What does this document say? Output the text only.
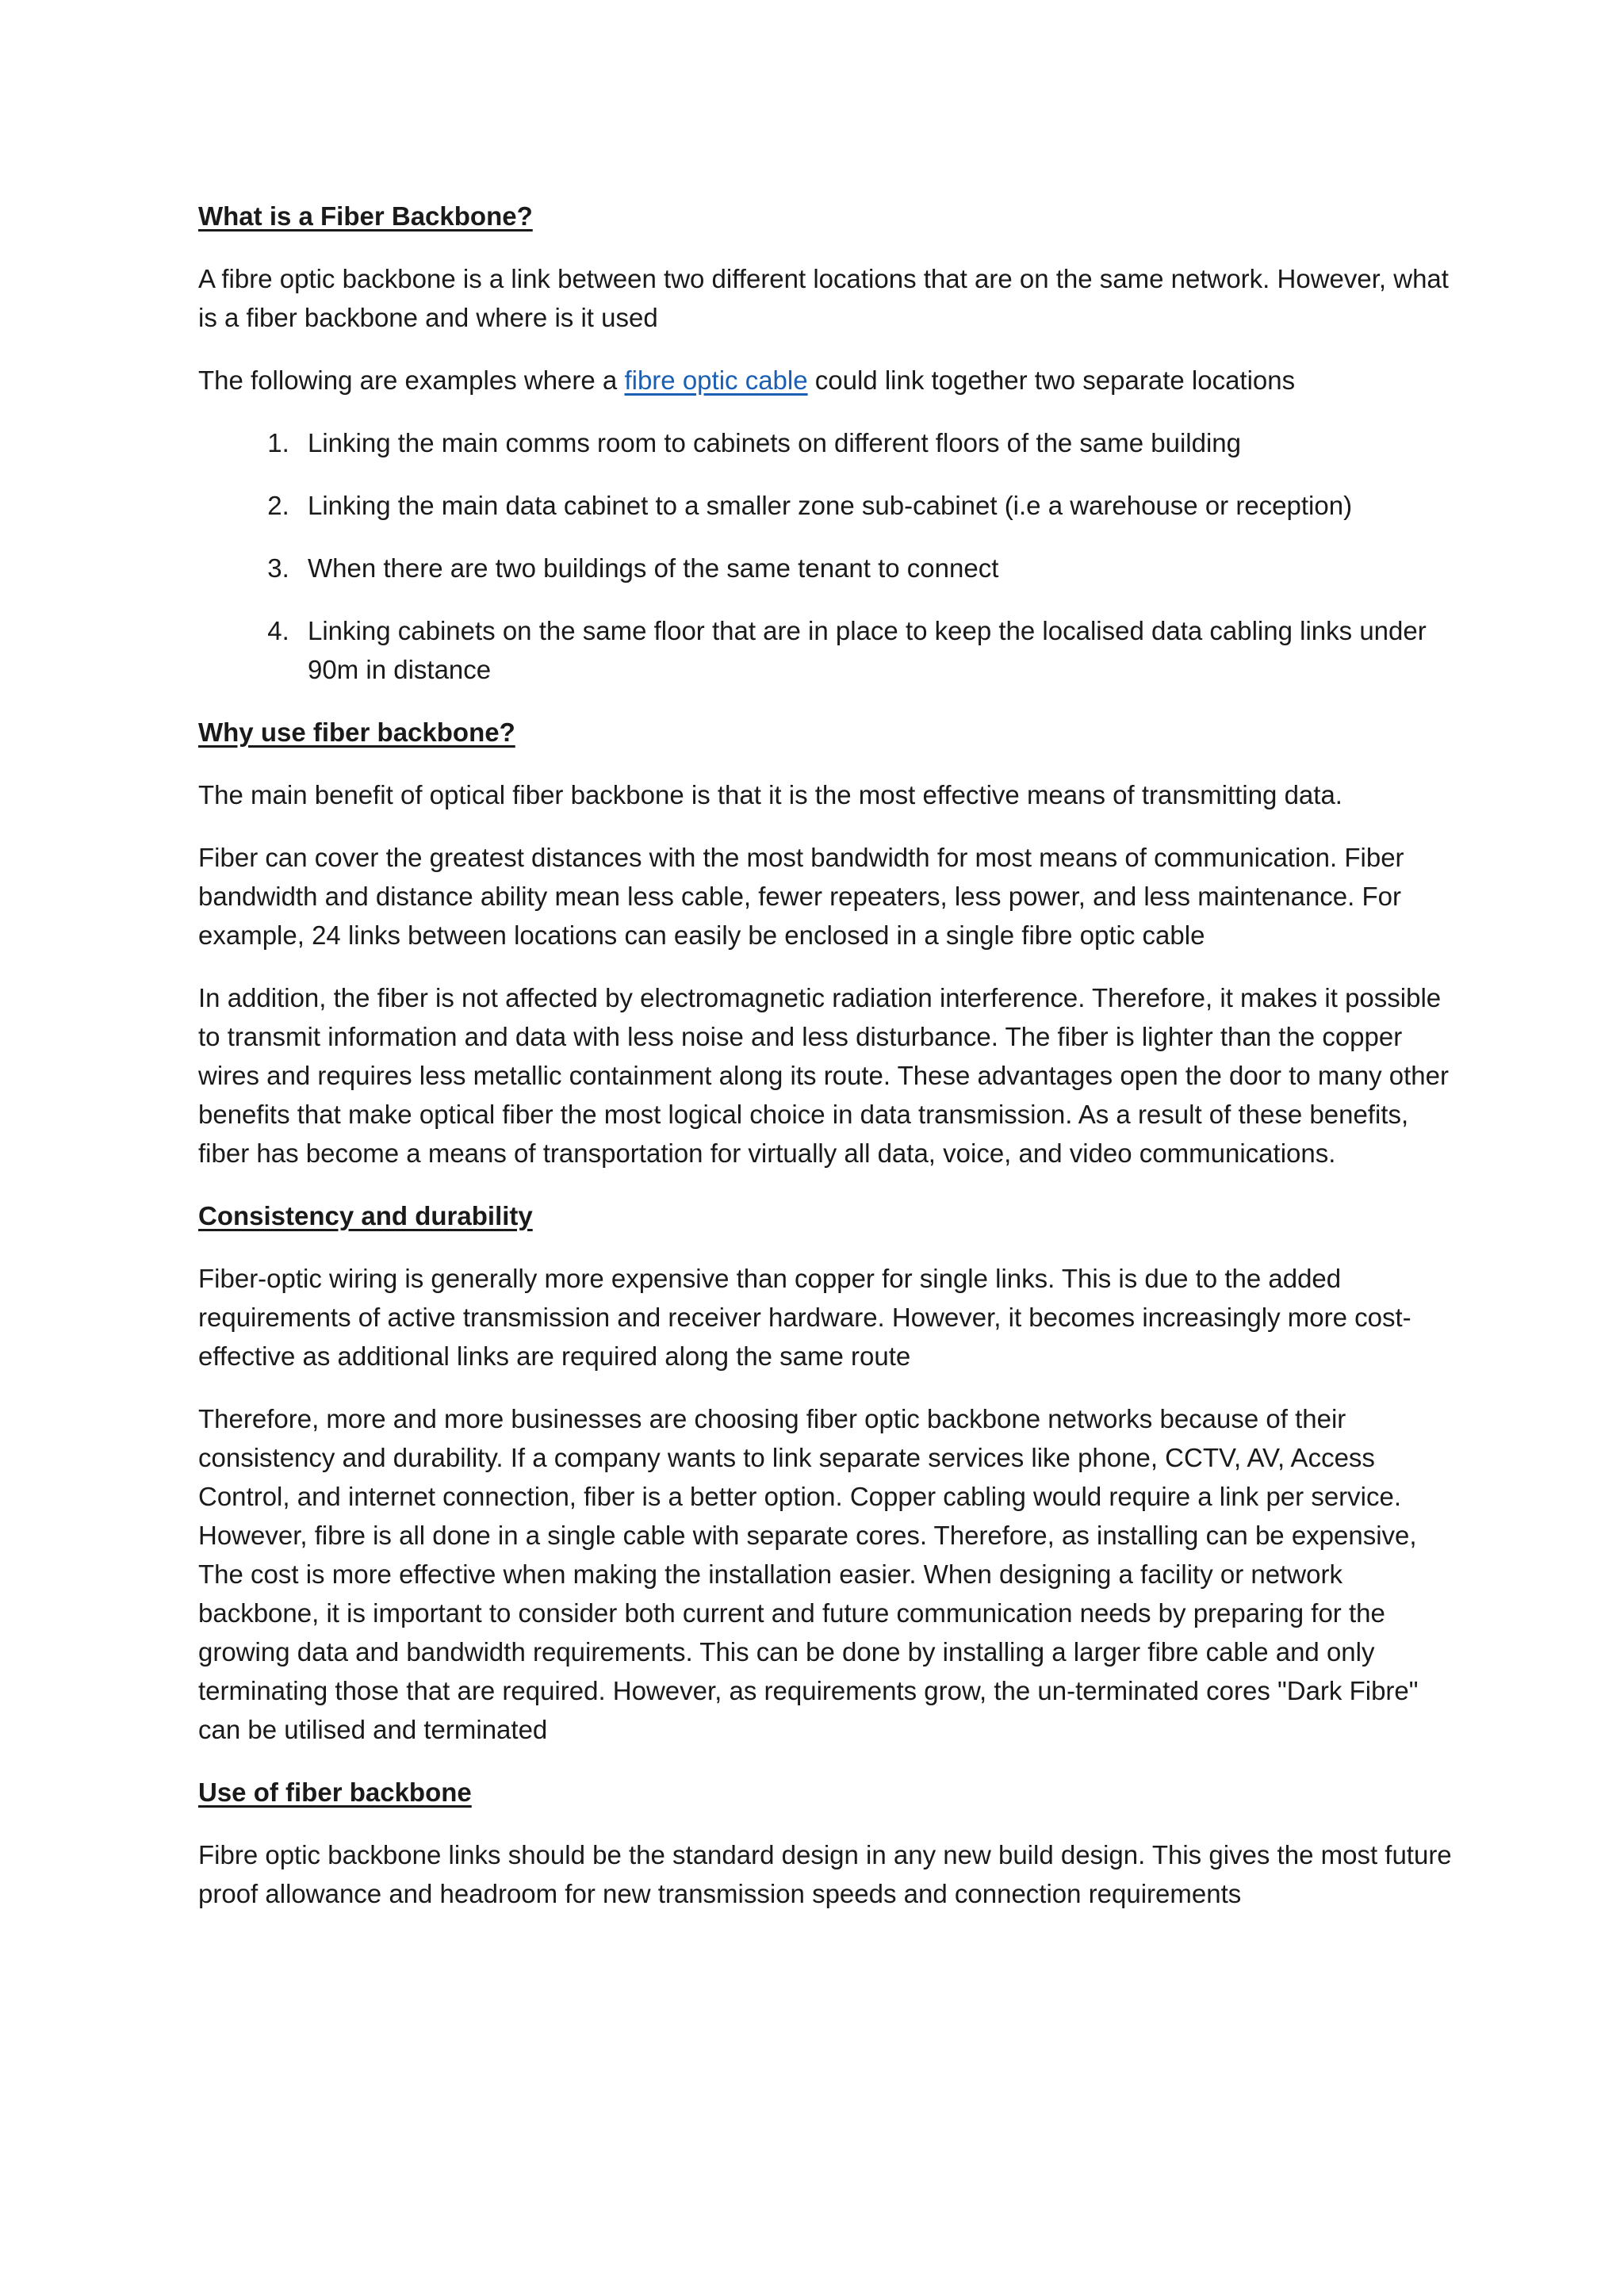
What is a Fiber Backbone?

A fibre optic backbone is a link between two different locations that are on the same network. However, what is a fiber backbone and where is it used

The following are examples where a fibre optic cable could link together two separate locations

1. Linking the main comms room to cabinets on different floors of the same building
2. Linking the main data cabinet to a smaller zone sub-cabinet (i.e a warehouse or reception)
3. When there are two buildings of the same tenant to connect
4. Linking cabinets on the same floor that are in place to keep the localised data cabling links under 90m in distance
Why use fiber backbone?

The main benefit of optical fiber backbone is that it is the most effective means of transmitting data.

Fiber can cover the greatest distances with the most bandwidth for most means of communication. Fiber bandwidth and distance ability mean less cable, fewer repeaters, less power, and less maintenance. For example, 24 links between locations can easily be enclosed in a single fibre optic cable

In addition, the fiber is not affected by electromagnetic radiation interference. Therefore, it makes it possible to transmit information and data with less noise and less disturbance. The fiber is lighter than the copper wires and requires less metallic containment along its route. These advantages open the door to many other benefits that make optical fiber the most logical choice in data transmission. As a result of these benefits, fiber has become a means of transportation for virtually all data, voice, and video communications.

Consistency and durability

Fiber-optic wiring is generally more expensive than copper for single links. This is due to the added requirements of active transmission and receiver hardware. However, it becomes increasingly more cost-effective as additional links are required along the same route

Therefore, more and more businesses are choosing fiber optic backbone networks because of their consistency and durability. If a company wants to link separate services like phone, CCTV, AV, Access Control, and internet connection, fiber is a better option. Copper cabling would require a link per service. However, fibre is all done in a single cable with separate cores. Therefore, as installing can be expensive, The cost is more effective when making the installation easier. When designing a facility or network backbone, it is important to consider both current and future communication needs by preparing for the growing data and bandwidth requirements. This can be done by installing a larger fibre cable and only terminating those that are required. However, as requirements grow, the un-terminated cores "Dark Fibre" can be utilised and terminated

Use of fiber backbone

Fibre optic backbone links should be the standard design in any new build design. This gives the most future proof allowance and headroom for new transmission speeds and connection requirements
